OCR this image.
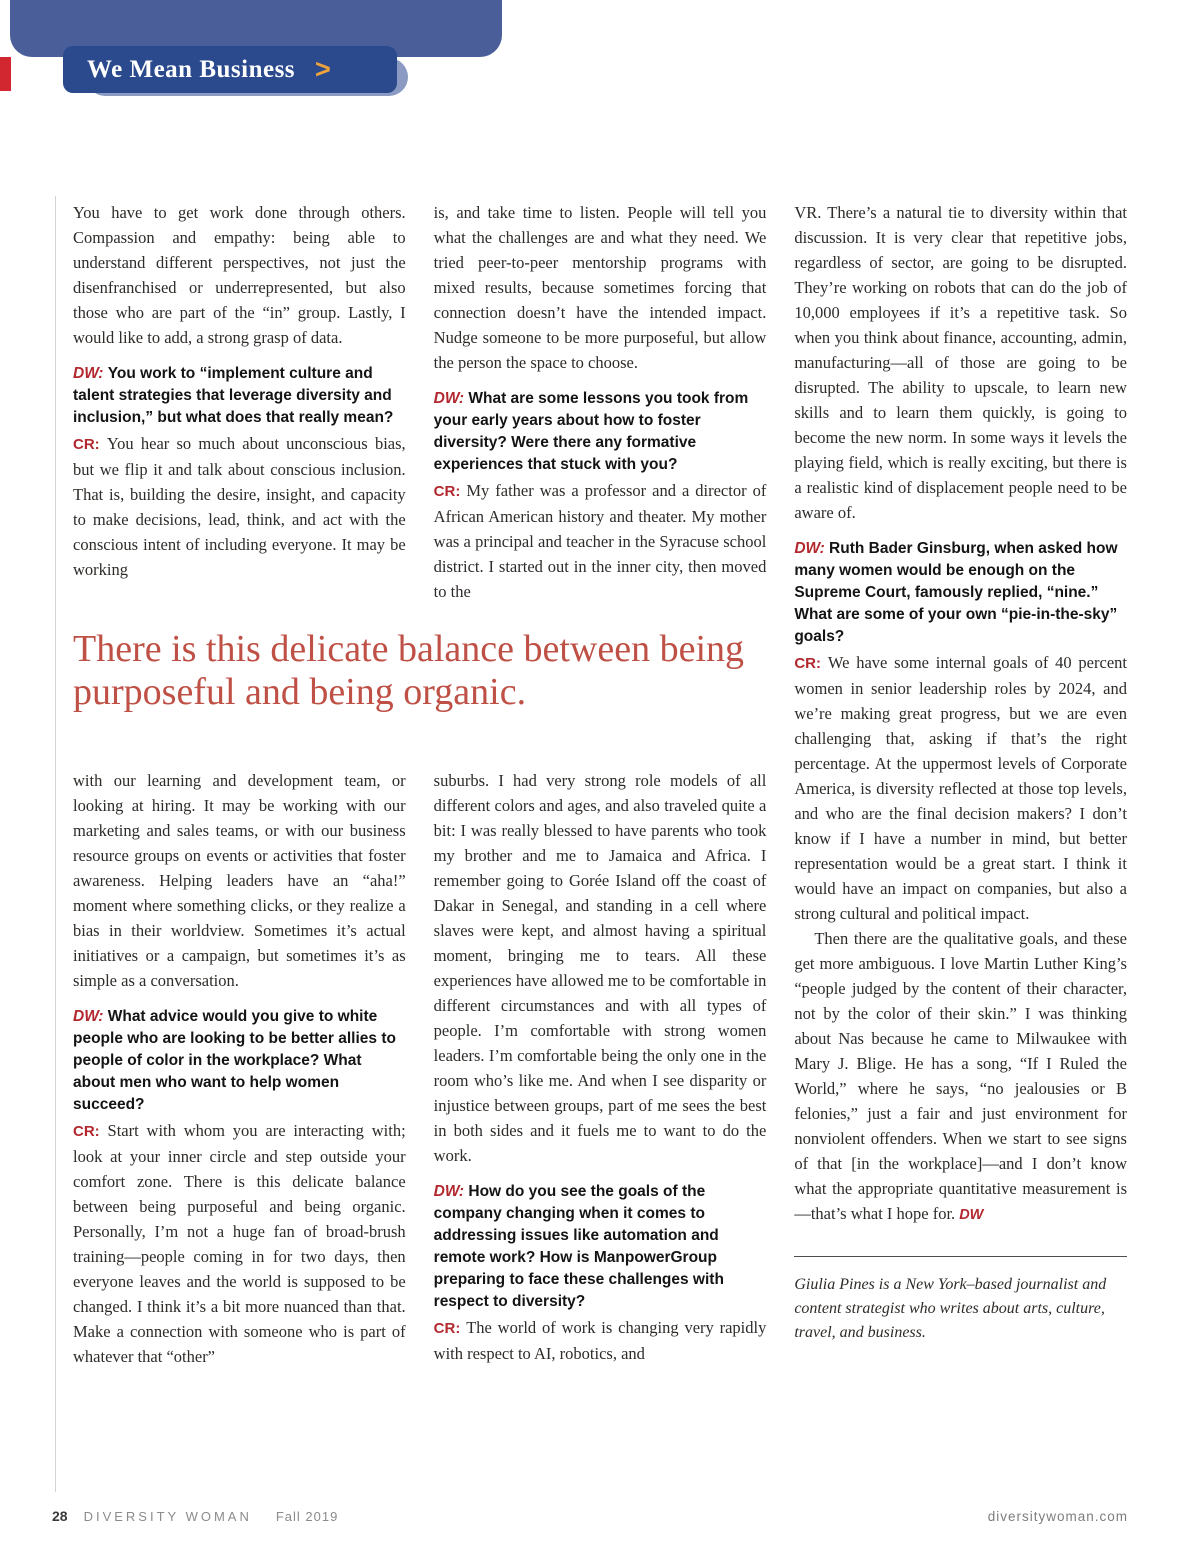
We Mean Business >

You have to get work done through others. Compassion and empathy: being able to understand different perspectives, not just the disenfranchised or underrepresented, but also those who are part of the “in” group. Lastly, I would like to add, a strong grasp of data.

DW: You work to “implement culture and talent strategies that leverage diversity and inclusion,” but what does that really mean?

CR: You hear so much about unconscious bias, but we flip it and talk about conscious inclusion. That is, building the desire, insight, and capacity to make decisions, lead, think, and act with the conscious intent of including everyone. It may be working

is, and take time to listen. People will tell you what the challenges are and what they need. We tried peer-to-peer mentorship programs with mixed results, because sometimes forcing that connection doesn’t have the intended impact. Nudge someone to be more purposeful, but allow the person the space to choose.

DW: What are some lessons you took from your early years about how to foster diversity? Were there any formative experiences that stuck with you?

CR: My father was a professor and a director of African American history and theater. My mother was a principal and teacher in the Syracuse school district. I started out in the inner city, then moved to the

There is this delicate balance between being purposeful and being organic.

with our learning and development team, or looking at hiring. It may be working with our marketing and sales teams, or with our business resource groups on events or activities that foster awareness. Helping leaders have an “aha!” moment where something clicks, or they realize a bias in their worldview. Sometimes it’s actual initiatives or a campaign, but sometimes it’s as simple as a conversation.

DW: What advice would you give to white people who are looking to be better allies to people of color in the workplace? What about men who want to help women succeed?

CR: Start with whom you are interacting with; look at your inner circle and step outside your comfort zone. There is this delicate balance between being purposeful and being organic. Personally, I’m not a huge fan of broad-brush training—people coming in for two days, then everyone leaves and the world is supposed to be changed. I think it’s a bit more nuanced than that. Make a connection with someone who is part of whatever that “other”

suburbs. I had very strong role models of all different colors and ages, and also traveled quite a bit: I was really blessed to have parents who took my brother and me to Jamaica and Africa. I remember going to Gorée Island off the coast of Dakar in Senegal, and standing in a cell where slaves were kept, and almost having a spiritual moment, bringing me to tears. All these experiences have allowed me to be comfortable in different circumstances and with all types of people. I’m comfortable with strong women leaders. I’m comfortable being the only one in the room who’s like me. And when I see disparity or injustice between groups, part of me sees the best in both sides and it fuels me to want to do the work.

DW: How do you see the goals of the company changing when it comes to addressing issues like automation and remote work? How is ManpowerGroup preparing to face these challenges with respect to diversity?

CR: The world of work is changing very rapidly with respect to AI, robotics, and

VR. There’s a natural tie to diversity within that discussion. It is very clear that repetitive jobs, regardless of sector, are going to be disrupted. They’re working on robots that can do the job of 10,000 employees if it’s a repetitive task. So when you think about finance, accounting, admin, manufacturing—all of those are going to be disrupted. The ability to upscale, to learn new skills and to learn them quickly, is going to become the new norm. In some ways it levels the playing field, which is really exciting, but there is a realistic kind of displacement people need to be aware of.

DW: Ruth Bader Ginsburg, when asked how many women would be enough on the Supreme Court, famously replied, “nine.” What are some of your own “pie-in-the-sky” goals?

CR: We have some internal goals of 40 percent women in senior leadership roles by 2024, and we’re making great progress, but we are even challenging that, asking if that’s the right percentage. At the uppermost levels of Corporate America, is diversity reflected at those top levels, and who are the final decision makers? I don’t know if I have a number in mind, but better representation would be a great start. I think it would have an impact on companies, but also a strong cultural and political impact.

Then there are the qualitative goals, and these get more ambiguous. I love Martin Luther King’s “people judged by the content of their character, not by the color of their skin.” I was thinking about Nas because he came to Milwaukee with Mary J. Blige. He has a song, “If I Ruled the World,” where he says, “no jealousies or B felonies,” just a fair and just environment for nonviolent offenders. When we start to see signs of that [in the workplace]—and I don’t know what the appropriate quantitative measurement is—that’s what I hope for. DW

Giulia Pines is a New York–based journalist and content strategist who writes about arts, culture, travel, and business.

28 DIVERSITY WOMAN Fall 2019	diversitywoman.com
